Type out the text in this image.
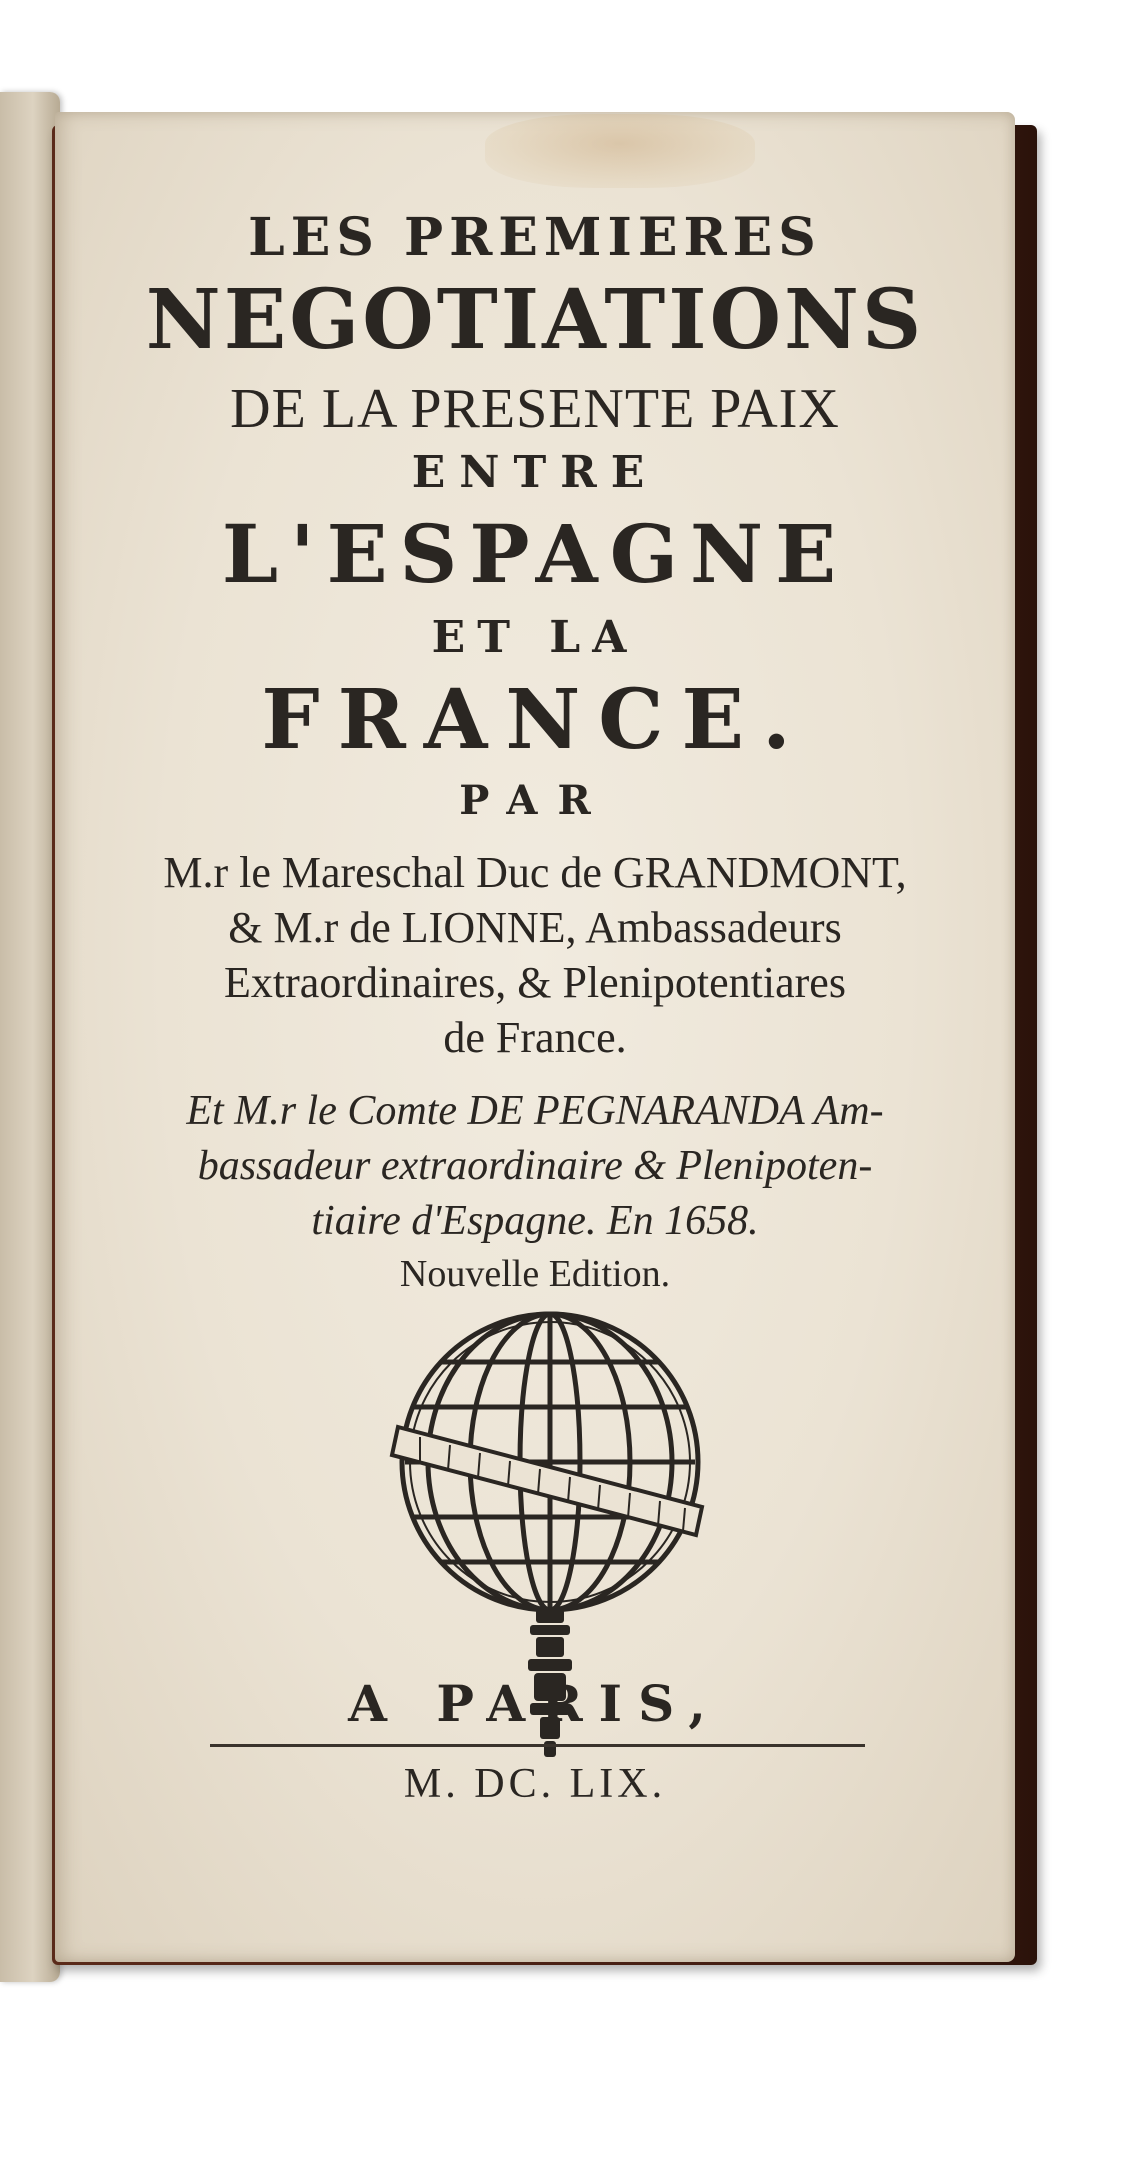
LES PREMIERES
NEGOTIATIONS
DE LA PRESENTE PAIX
ENTRE
L'ESPAGNE
ET LA
FRANCE.
PAR
M.r le Mareschal Duc de GRANDMONT,
& M.r de LIONNE, Ambassadeurs
Extraordinaires, & Plenipotentiares
de France.
Et M.r le Comte DE PEGNARANDA Am-
bassadeur extraordinaire & Plenipoten-
tiaire d'Espagne. En 1658.
Nouvelle Edition.
A PARIS,
M. DC. LIX.
